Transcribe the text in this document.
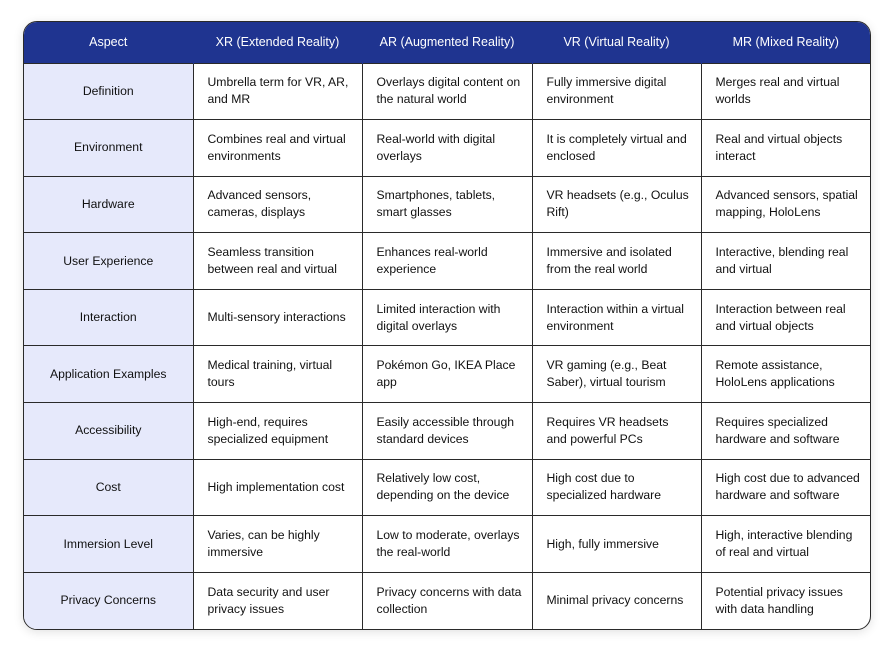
Aspect	XR (Extended Reality)	AR (Augmented Reality)	VR (Virtual Reality)	MR (Mixed Reality)
Definition	Umbrella term for VR, AR, and MR	Overlays digital content on the natural world	Fully immersive digital environment	Merges real and virtual worlds
Environment	Combines real and virtual environments	Real-world with digital overlays	It is completely virtual and enclosed	Real and virtual objects interact
Hardware	Advanced sensors, cameras, displays	Smartphones, tablets, smart glasses	VR headsets (e.g., Oculus Rift)	Advanced sensors, spatial mapping, HoloLens
User Experience	Seamless transition between real and virtual	Enhances real-world experience	Immersive and isolated from the real world	Interactive, blending real and virtual
Interaction	Multi-sensory interactions	Limited interaction with digital overlays	Interaction within a virtual environment	Interaction between real and virtual objects
Application Examples	Medical training, virtual tours	Pokémon Go, IKEA Place app	VR gaming (e.g., Beat Saber), virtual tourism	Remote assistance, HoloLens applications
Accessibility	High-end, requires specialized equipment	Easily accessible through standard devices	Requires VR headsets and powerful PCs	Requires specialized hardware and software
Cost	High implementation cost	Relatively low cost, depending on the device	High cost due to specialized hardware	High cost due to advanced hardware and software
Immersion Level	Varies, can be highly immersive	Low to moderate, overlays the real-world	High, fully immersive	High, interactive blending of real and virtual
Privacy Concerns	Data security and user privacy issues	Privacy concerns with data collection	Minimal privacy concerns	Potential privacy issues with data handling
